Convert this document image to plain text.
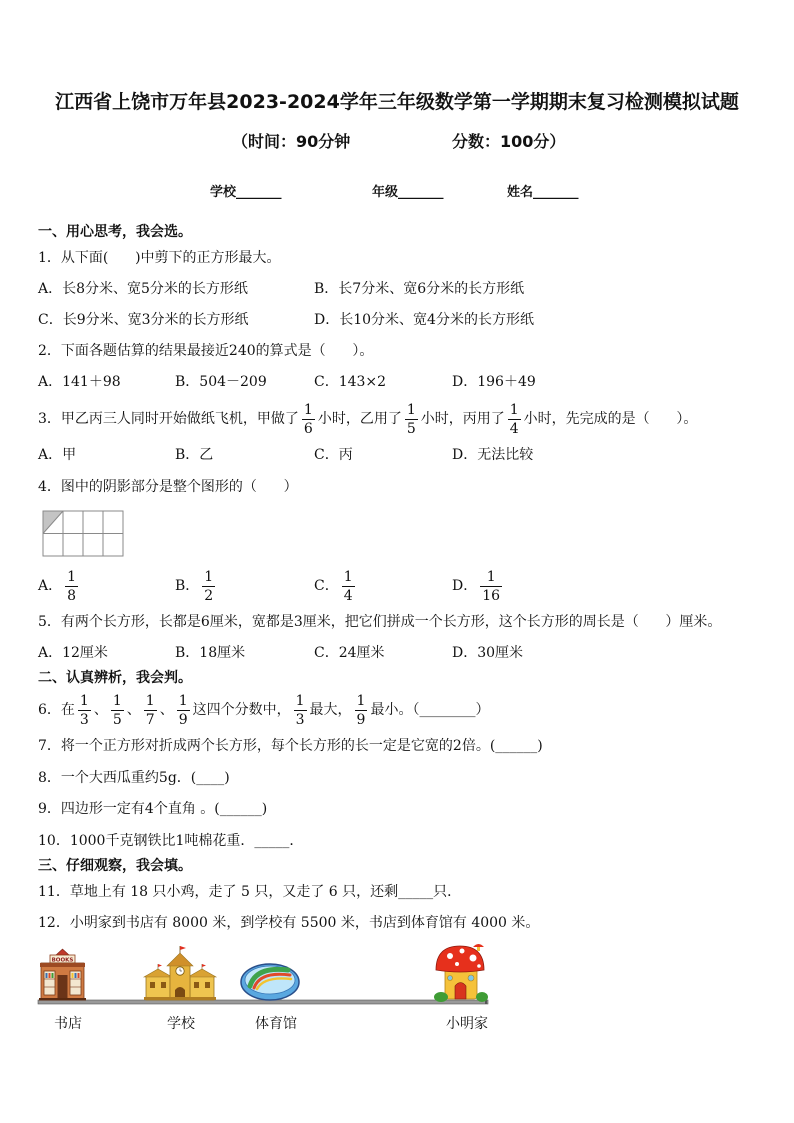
江西省上饶市万年县2023-2024学年三年级数学第一学期期末复习检测模拟试题
（时间：90分钟	分数：100分）
学校_______	年级_______	姓名_______
一、用心思考，我会选。
1．从下面(      )中剪下的正方形最大。
A．长8分米、宽5分米的长方形纸	B．长7分米、宽6分米的长方形纸
C．长9分米、宽3分米的长方形纸	D．长10分米、宽4分米的长方形纸
2．下面各题估算的结果最接近240的算式是（      ）。
A．141＋98	B．504－209	C．143×2	D．196＋49
3．甲乙丙三人同时开始做纸飞机，甲做了 $\frac{1}{6}$ 小时，乙用了 $\frac{1}{5}$ 小时，丙用了 $\frac{1}{4}$ 小时，先完成的是（      ）。
A．甲	B．乙	C．丙	D．无法比较
4．图中的阴影部分是整个图形的（      ）
A． $\frac{1}{8}$	B． $\frac{1}{2}$	C． $\frac{1}{4}$	D． $\frac{1}{16}$
5．有两个长方形，长都是6厘米，宽都是3厘米，把它们拼成一个长方形，这个长方形的周长是（      ）厘米。
A．12厘米	B．18厘米	C．24厘米	D．30厘米
二、认真辨析，我会判。
6．在 $\frac{1}{3}$ 、 $\frac{1}{5}$ 、 $\frac{1}{7}$ 、 $\frac{1}{9}$ 这四个分数中， $\frac{1}{3}$ 最大， $\frac{1}{9}$ 最小。（________）
7．将一个正方形对折成两个长方形，每个长方形的长一定是它宽的2倍。(______)
8．一个大西瓜重约5g．(____)
9．四边形一定有4个直角 。(______)
10．1000千克钢铁比1吨棉花重．_____．
三、仔细观察，我会填。
11．草地上有 18 只小鸡，走了 5 只，又走了 6 只，还剩_____只．
12．小明家到书店有 8000 米，到学校有 5500 米，书店到体育馆有 4000 米。
BOOKS
书店	学校	体育馆	小明家
